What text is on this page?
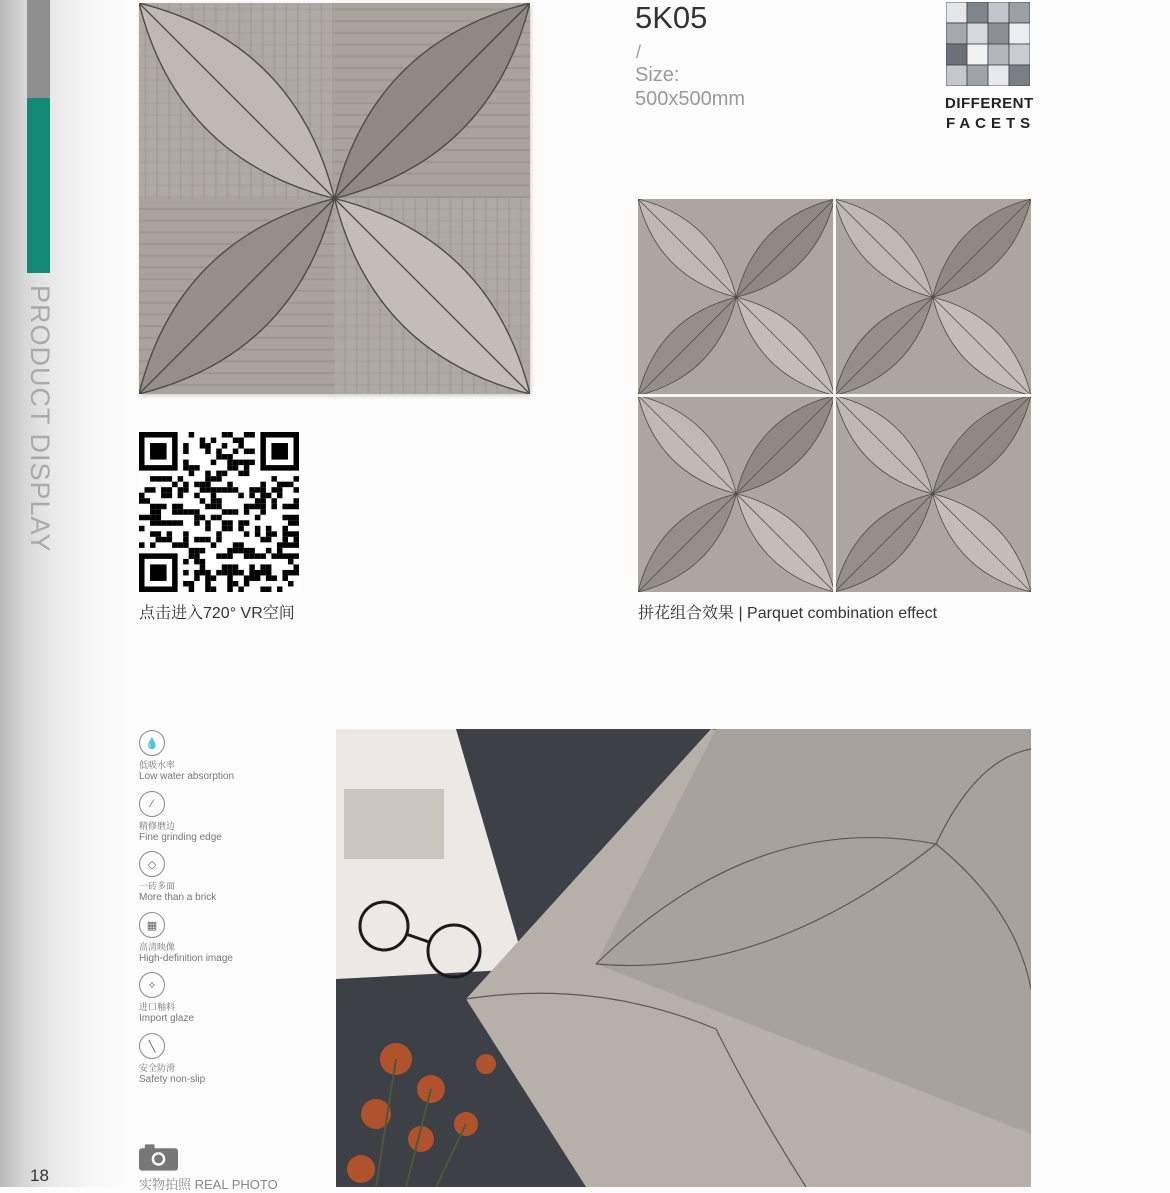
PRODUCT DISPLAY
18
5K05
/
Size:
500x500mm	DIFFERENT
FACETS
点击进入720° VR空间	拼花组合效果 | Parquet combination effect
💧
低吸水率
Low water absorption
∕
精修磨边
Fine grinding edge
◇
一砖多面
More than a brick
▦
高清映像
High-definition image
✧
进口釉料
Import glaze
╲
安全防滑
Safety non-slip
实物拍照 REAL PHOTO
